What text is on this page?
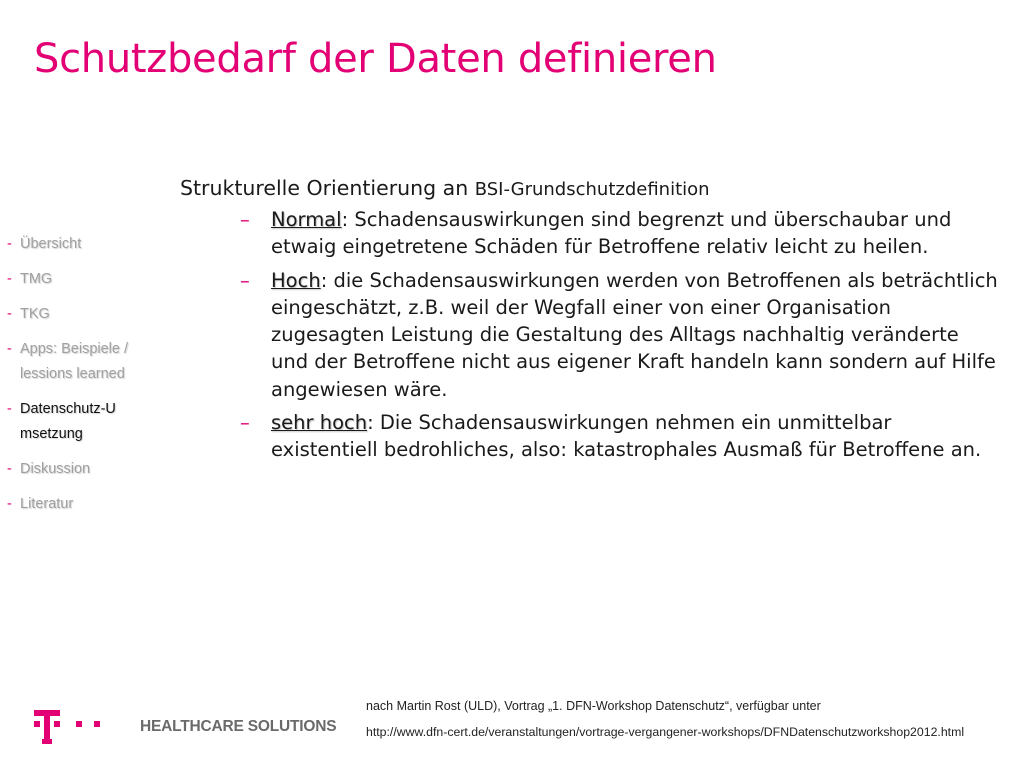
Schutzbedarf der Daten definieren
- Übersicht
- TMG
- TKG
- Apps: Beispiele / lessions learned
- Datenschutz-Umsetzung
- Diskussion
- Literatur

Strukturelle Orientierung an BSI-Grundschutzdefinition

– Normal: Schadensauswirkungen sind begrenzt und überschaubar und etwaig eingetretene Schäden für Betroffene relativ leicht zu heilen.
– Hoch: die Schadensauswirkungen werden von Betroffenen als beträchtlich eingeschätzt, z.B. weil der Wegfall einer von einer Organisation zugesagten Leistung die Gestaltung des Alltags nachhaltig veränderte und der Betroffene nicht aus eigener Kraft handeln kann sondern auf Hilfe angewiesen wäre.
– sehr hoch: Die Schadensauswirkungen nehmen ein unmittelbar existentiell bedrohliches, also: katastrophales Ausmaß für Betroffene an.
HEALTHCARE SOLUTIONS
nach Martin Rost (ULD), Vortrag „1. DFN-Workshop Datenschutz“, verfügbar unter
http://www.dfn-cert.de/veranstaltungen/vortrage-vergangener-workshops/DFNDatenschutzworkshop2012.html
